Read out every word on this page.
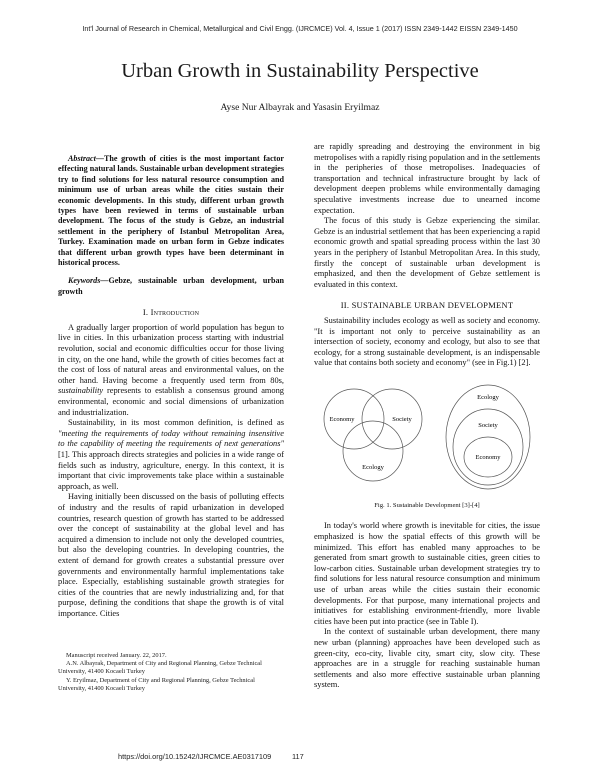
Int'l Journal of Research in Chemical, Metallurgical and Civil Engg. (IJRCMCE) Vol. 4, Issue 1 (2017) ISSN 2349-1442 EISSN 2349-1450
Urban Growth in Sustainability Perspective
Ayse Nur Albayrak and Yasasin Eryilmaz

Abstract—The growth of cities is the most important factor effecting natural lands. Sustainable urban development strategies try to find solutions for less natural resource consumption and minimum use of urban areas while the cities sustain their economic developments. In this study, different urban growth types have been reviewed in terms of sustainable urban development. The focus of the study is Gebze, an industrial settlement in the periphery of Istanbul Metropolitan Area, Turkey. Examination made on urban form in Gebze indicates that different urban growth types have been determinant in historical process.

Keywords—Gebze, sustainable urban development, urban growth

I. Introduction

A gradually larger proportion of world population has begun to live in cities. In this urbanization process starting with industrial revolution, social and economic difficulties occur for those living in city, on the one hand, while the growth of cities becomes fact at the cost of loss of natural areas and environmental values, on the other hand. Having become a frequently used term from 80s, sustainability represents to establish a consensus ground among environmental, economic and social dimensions of urbanization and industrialization.

Sustainability, in its most common definition, is defined as "meeting the requirements of today without remaining insensitive to the capability of meeting the requirements of next generations" [1]. This approach directs strategies and policies in a wide range of fields such as industry, agriculture, energy. In this context, it is important that civic improvements take place within a sustainable approach, as well.

Having initially been discussed on the basis of polluting effects of industry and the results of rapid urbanization in developed countries, research question of growth has started to be addressed over the concept of sustainability at the global level and has acquired a dimension to include not only the developed countries, but also the developing countries. In developing countries, the extent of demand for growth creates a substantial pressure over governments and environmentally harmful implementations take place. Especially, establishing sustainable growth strategies for cities of the countries that are newly industrializing and, for that purpose, defining the conditions that shape the growth is of vital importance. Cities

are rapidly spreading and destroying the environment in big metropolises with a rapidly rising population and in the settlements in the peripheries of those metropolises. Inadequacies of transportation and technical infrastructure brought by lack of development deepen problems while environmentally damaging speculative investments increase due to unearned income expectation.

The focus of this study is Gebze experiencing the similar. Gebze is an industrial settlement that has been experiencing a rapid economic growth and spatial spreading process within the last 30 years in the periphery of Istanbul Metropolitan Area. In this study, firstly the concept of sustainable urban development is emphasized, and then the development of Gebze settlement is evaluated in this context.

II. SUSTAINABLE URBAN DEVELOPMENT

Sustainability includes ecology as well as society and economy. "It is important not only to perceive sustainability as an intersection of society, economy and ecology, but also to see that ecology, for a strong sustainable development, is an indispensable value that contains both society and economy" (see in Fig.1) [2].

Economy	Society
Ecology
Ecology
Society
Economy

Fig. 1. Sustainable Development [3]-[4]

In today's world where growth is inevitable for cities, the issue emphasized is how the spatial effects of this growth will be minimized. This effort has enabled many approaches to be generated from smart growth to sustainable cities, green cities to low-carbon cities. Sustainable urban development strategies try to find solutions for less natural resource consumption and minimum use of urban areas while the cities sustain their economic developments. For that purpose, many international projects and initiatives for establishing environment-friendly, more livable cities have been put into practice (see in Table I).

In the context of sustainable urban development, there many new urban (planning) approaches have been developed such as green-city, eco-city, livable city, smart city, slow city. These approaches are in a struggle for reaching sustainable human settlements and also more effective sustainable urban planning system.

Manuscript received January. 22, 2017.

A.N. Albayrak, Department of City and Regional Planning, Gebze Technical University, 41400 Kocaeli Turkey

Y. Eryilmaz, Department of City and Regional Planning, Gebze Technical University, 41400 Kocaeli Turkey

https://doi.org/10.15242/IJRCMCE.AE0317109	117
